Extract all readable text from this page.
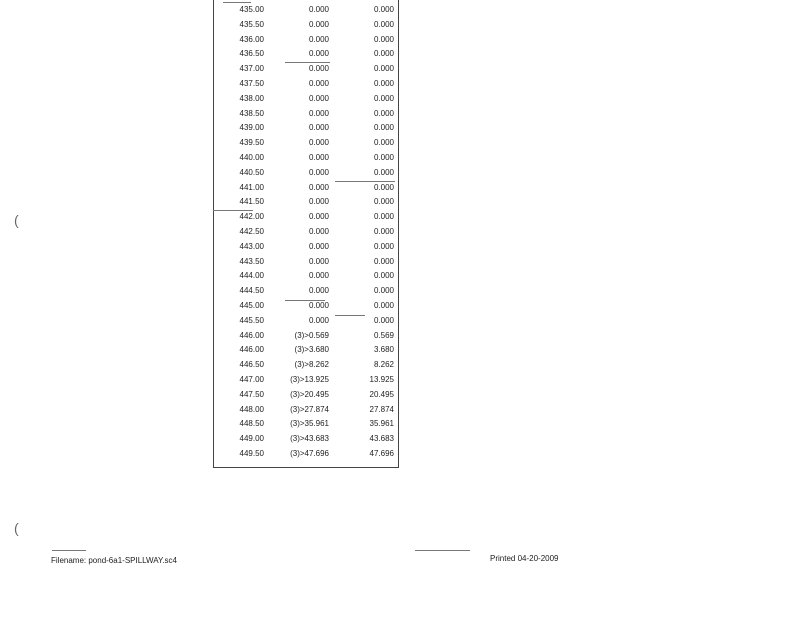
435.00	0.000	0.000
435.50	0.000	0.000
436.00	0.000	0.000
436.50	0.000	0.000
437.00	0.000	0.000
437.50	0.000	0.000
438.00	0.000	0.000
438.50	0.000	0.000
439.00	0.000	0.000
439.50	0.000	0.000
440.00	0.000	0.000
440.50	0.000	0.000
441.00	0.000	0.000
441.50	0.000	0.000
442.00	0.000	0.000
442.50	0.000	0.000
443.00	0.000	0.000
443.50	0.000	0.000
444.00	0.000	0.000
444.50	0.000	0.000
445.00	0.000	0.000
445.50	0.000	0.000
446.00	(3)>0.569	0.569
446.00	(3)>3.680	3.680
446.50	(3)>8.262	8.262
447.00	(3)>13.925	13.925
447.50	(3)>20.495	20.495
448.00	(3)>27.874	27.874
448.50	(3)>35.961	35.961
449.00	(3)>43.683	43.683
449.50	(3)>47.696	47.696
(
(
Filename: pond-6a1-SPILLWAY.sc4	Printed 04-20-2009
